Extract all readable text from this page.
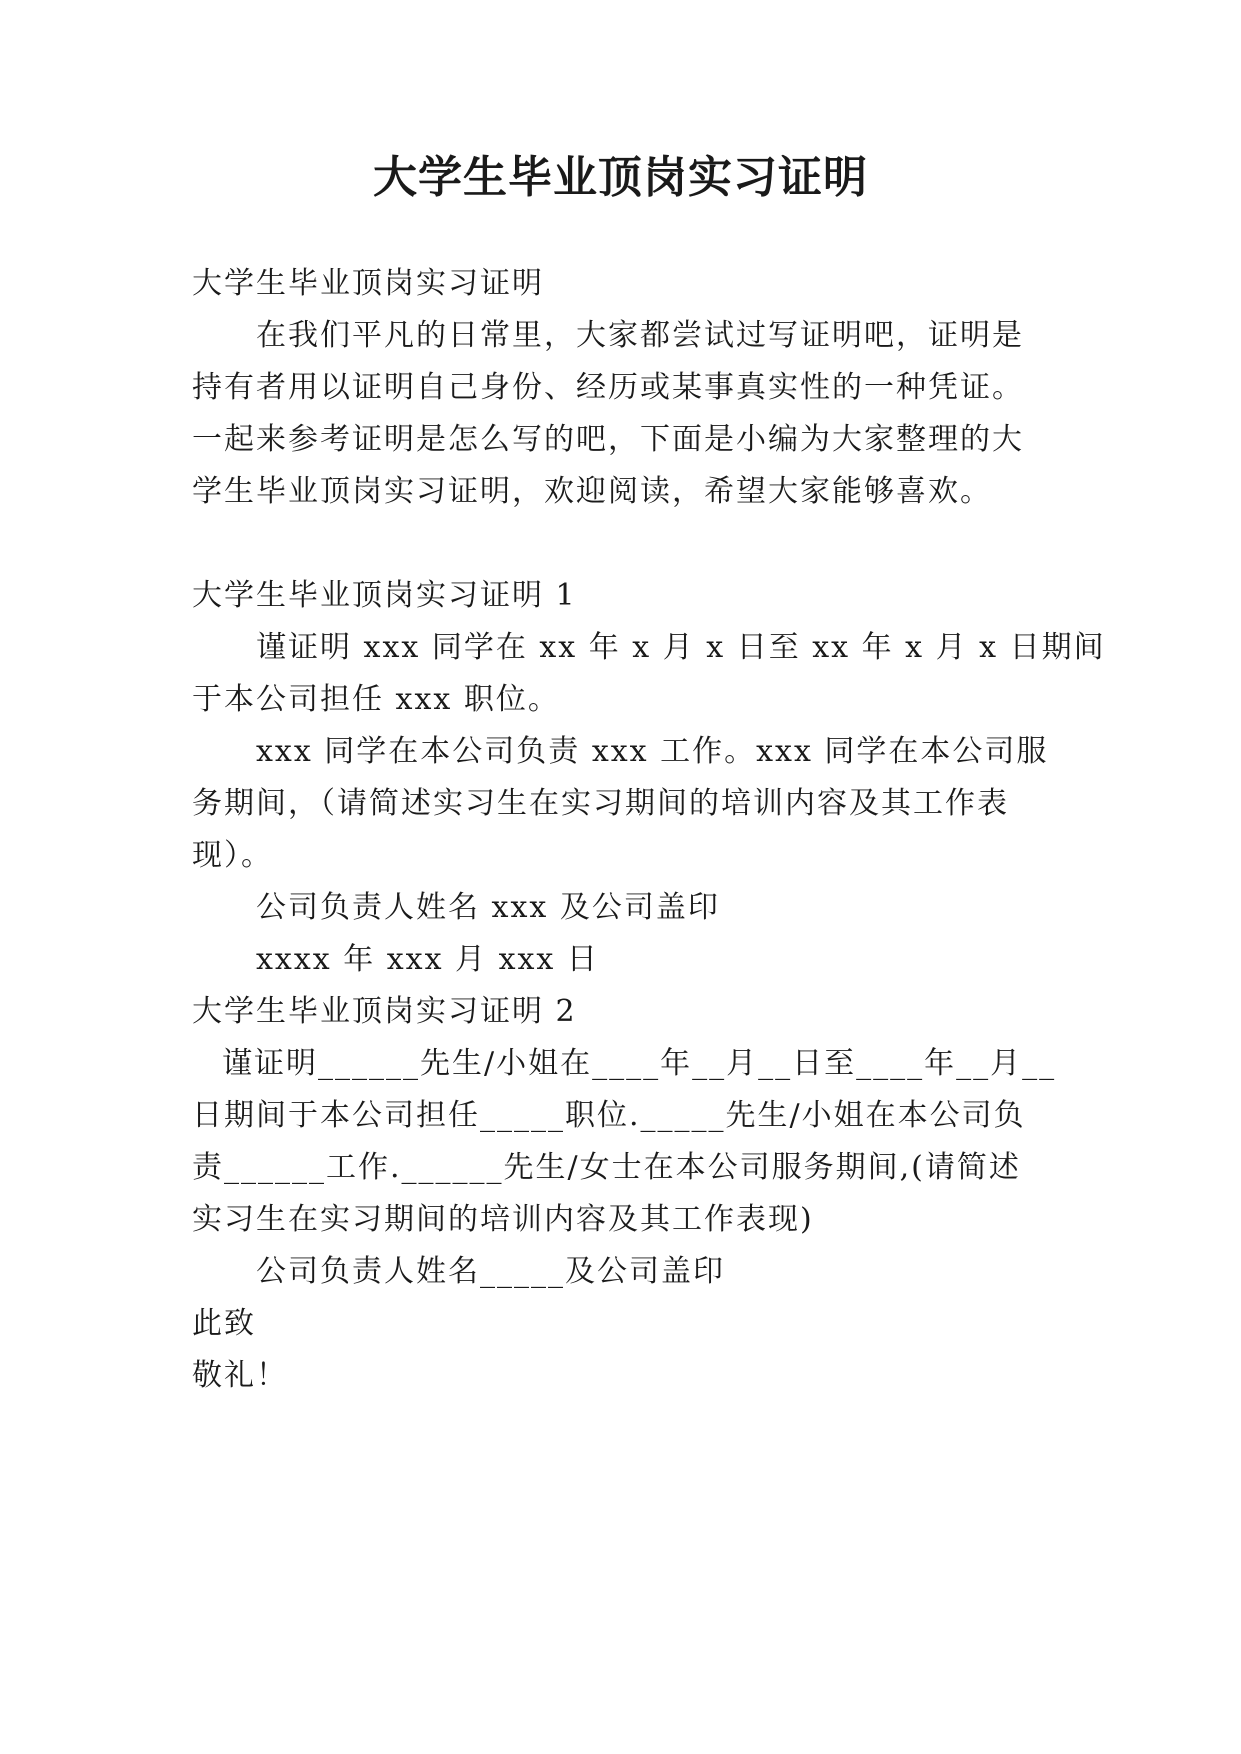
大学生毕业顶岗实习证明
大学生毕业顶岗实习证明
在我们平凡的日常里，大家都尝试过写证明吧，证明是
持有者用以证明自己身份、经历或某事真实性的一种凭证。
一起来参考证明是怎么写的吧，下面是小编为大家整理的大
学生毕业顶岗实习证明，欢迎阅读，希望大家能够喜欢。
大学生毕业顶岗实习证明 1
谨证明 xxx 同学在 xx 年 x 月 x 日至 xx 年 x 月 x 日期间
于本公司担任 xxx 职位。
xxx 同学在本公司负责 xxx 工作。xxx 同学在本公司服
务期间，（请简述实习生在实习期间的培训内容及其工作表
现）。
公司负责人姓名 xxx 及公司盖印
xxxx 年 xxx 月 xxx 日
大学生毕业顶岗实习证明 2
谨证明______先生/小姐在____年__月__日至____年__月__
日期间于本公司担任_____职位._____先生/小姐在本公司负
责______工作.______先生/女士在本公司服务期间,(请简述
实习生在实习期间的培训内容及其工作表现)
公司负责人姓名_____及公司盖印
此致
敬礼！
